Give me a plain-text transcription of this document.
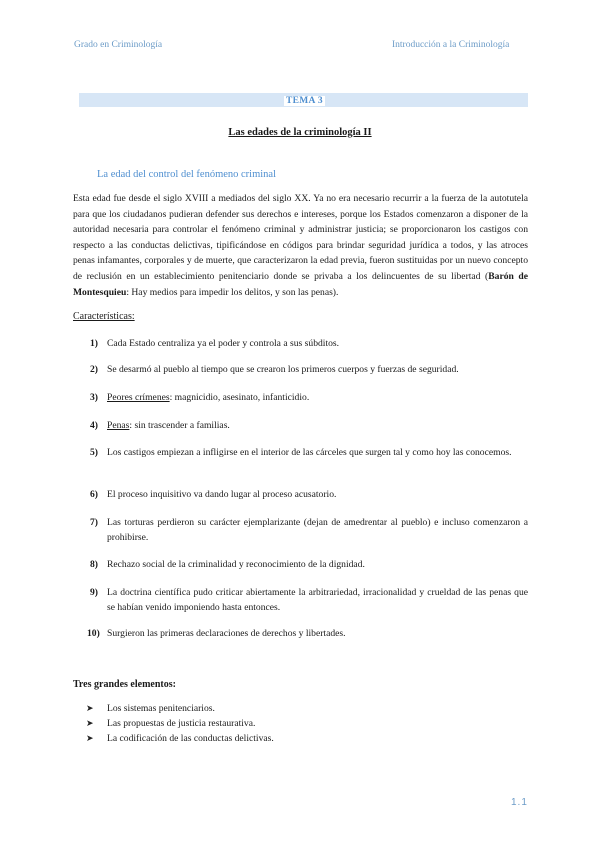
Grado en Criminología	Introducción a la Criminología
TEMA 3
Las edades de la criminología II
La edad del control del fenómeno criminal
Esta edad fue desde el siglo XVIII a mediados del siglo XX. Ya no era necesario recurrir a la fuerza de la autotutela para que los ciudadanos pudieran defender sus derechos e intereses, porque los Estados comenzaron a disponer de la autoridad necesaria para controlar el fenómeno criminal y administrar justicia; se proporcionaron los castigos con respecto a las conductas delictivas, tipificándose en códigos para brindar seguridad jurídica a todos, y las atroces penas infamantes, corporales y de muerte, que caracterizaron la edad previa, fueron sustituidas por un nuevo concepto de reclusión en un establecimiento penitenciario donde se privaba a los delincuentes de su libertad (Barón de Montesquieu: Hay medios para impedir los delitos, y son las penas).
Características:
1) Cada Estado centraliza ya el poder y controla a sus súbditos.
2) Se desarmó al pueblo al tiempo que se crearon los primeros cuerpos y fuerzas de seguridad.
3) Peores crímenes: magnicidio, asesinato, infanticidio.
4) Penas: sin trascender a familias.
5) Los castigos empiezan a infligirse en el interior de las cárceles que surgen tal y como hoy las conocemos.
6) El proceso inquisitivo va dando lugar al proceso acusatorio.
7) Las torturas perdieron su carácter ejemplarizante (dejan de amedrentar al pueblo) e incluso comenzaron a prohibirse.
8) Rechazo social de la criminalidad y reconocimiento de la dignidad.
9) La doctrina científica pudo criticar abiertamente la arbitrariedad, irracionalidad y crueldad de las penas que se habían venido imponiendo hasta entonces.
10) Surgieron las primeras declaraciones de derechos y libertades.
Tres grandes elementos:
➤ Los sistemas penitenciarios.
➤ Las propuestas de justicia restaurativa.
➤ La codificación de las conductas delictivas.
1.1
